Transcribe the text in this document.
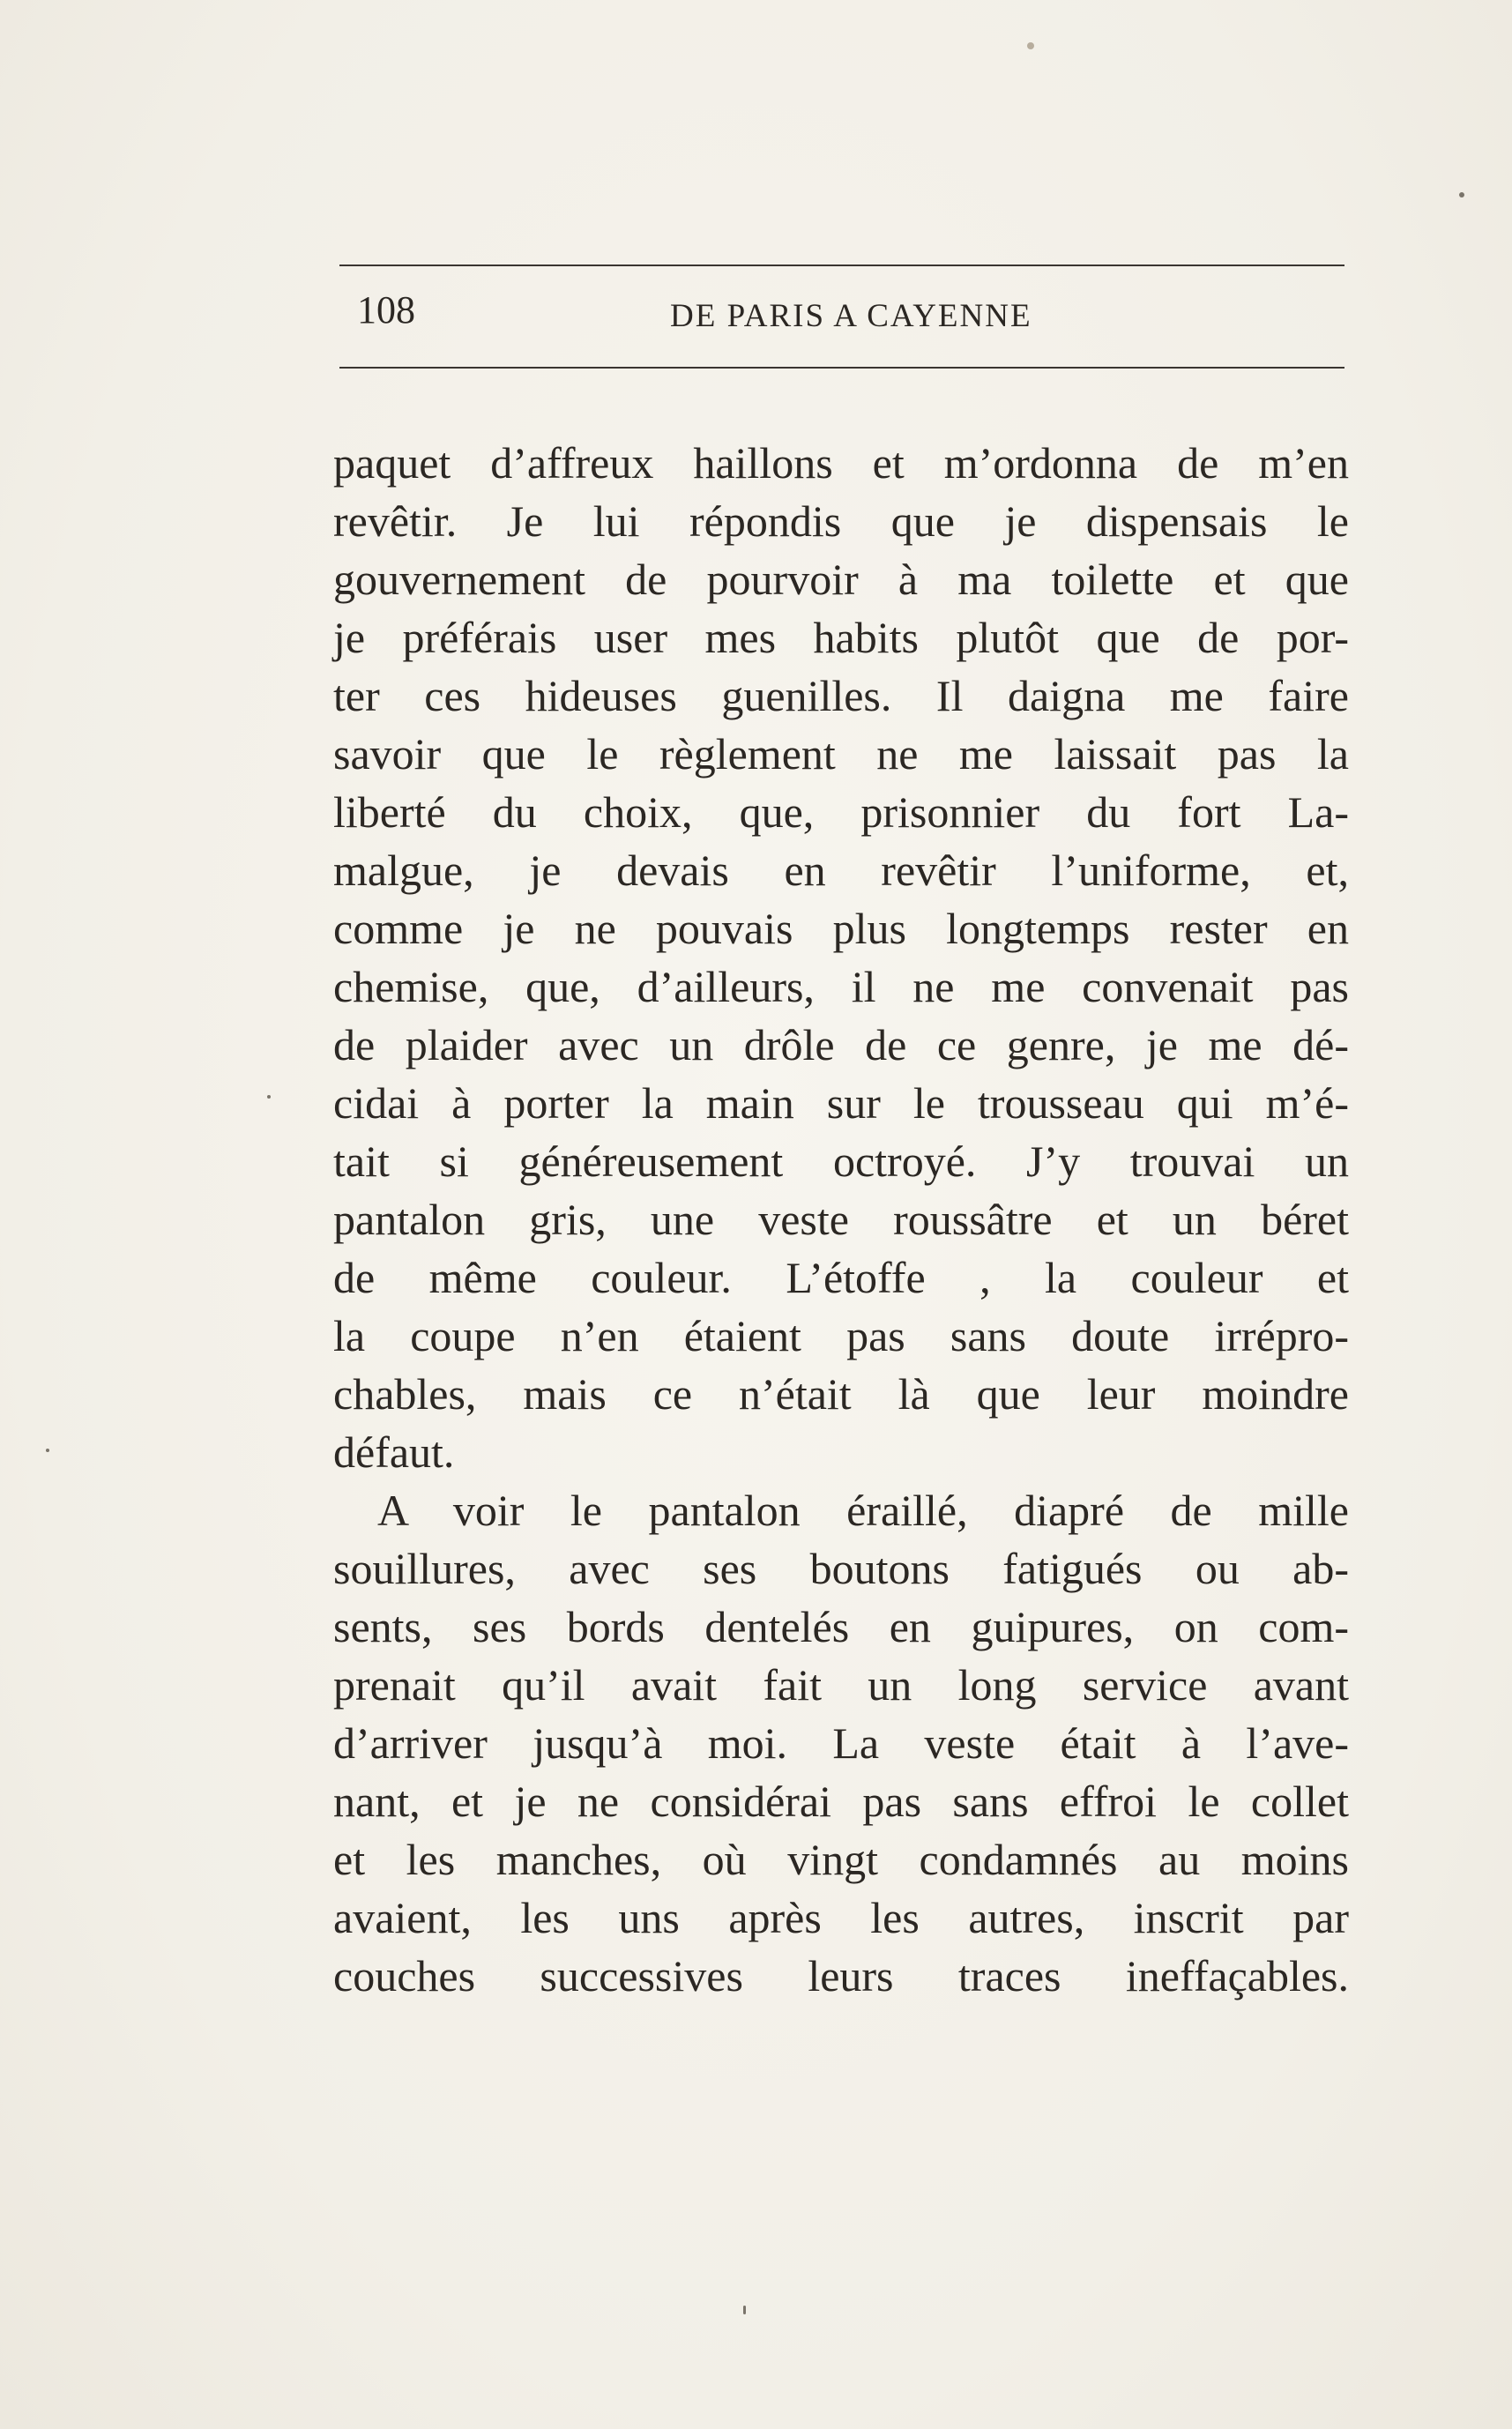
108	DE PARIS A CAYENNE
paquet d’affreux haillons et m’ordonna de m’en
revêtir. Je lui répondis que je dispensais le
gouvernement de pourvoir à ma toilette et que
je préférais user mes habits plutôt que de por-
ter ces hideuses guenilles. Il daigna me faire
savoir que le règlement ne me laissait pas la
liberté du choix, que, prisonnier du fort La-
malgue, je devais en revêtir l’uniforme, et,
comme je ne pouvais plus longtemps rester en
chemise, que, d’ailleurs, il ne me convenait pas
de plaider avec un drôle de ce genre, je me dé-
cidai à porter la main sur le trousseau qui m’é-
tait si généreusement octroyé. J’y trouvai un
pantalon gris, une veste roussâtre et un béret
de même couleur. L’étoffe , la couleur et
la coupe n’en étaient pas sans doute irrépro-
chables, mais ce n’était là que leur moindre
défaut.
A voir le pantalon éraillé, diapré de mille
souillures, avec ses boutons fatigués ou ab-
sents, ses bords dentelés en guipures, on com-
prenait qu’il avait fait un long service avant
d’arriver jusqu’à moi. La veste était à l’ave-
nant, et je ne considérai pas sans effroi le collet
et les manches, où vingt condamnés au moins
avaient, les uns après les autres, inscrit par
couches successives leurs traces ineffaçables.
